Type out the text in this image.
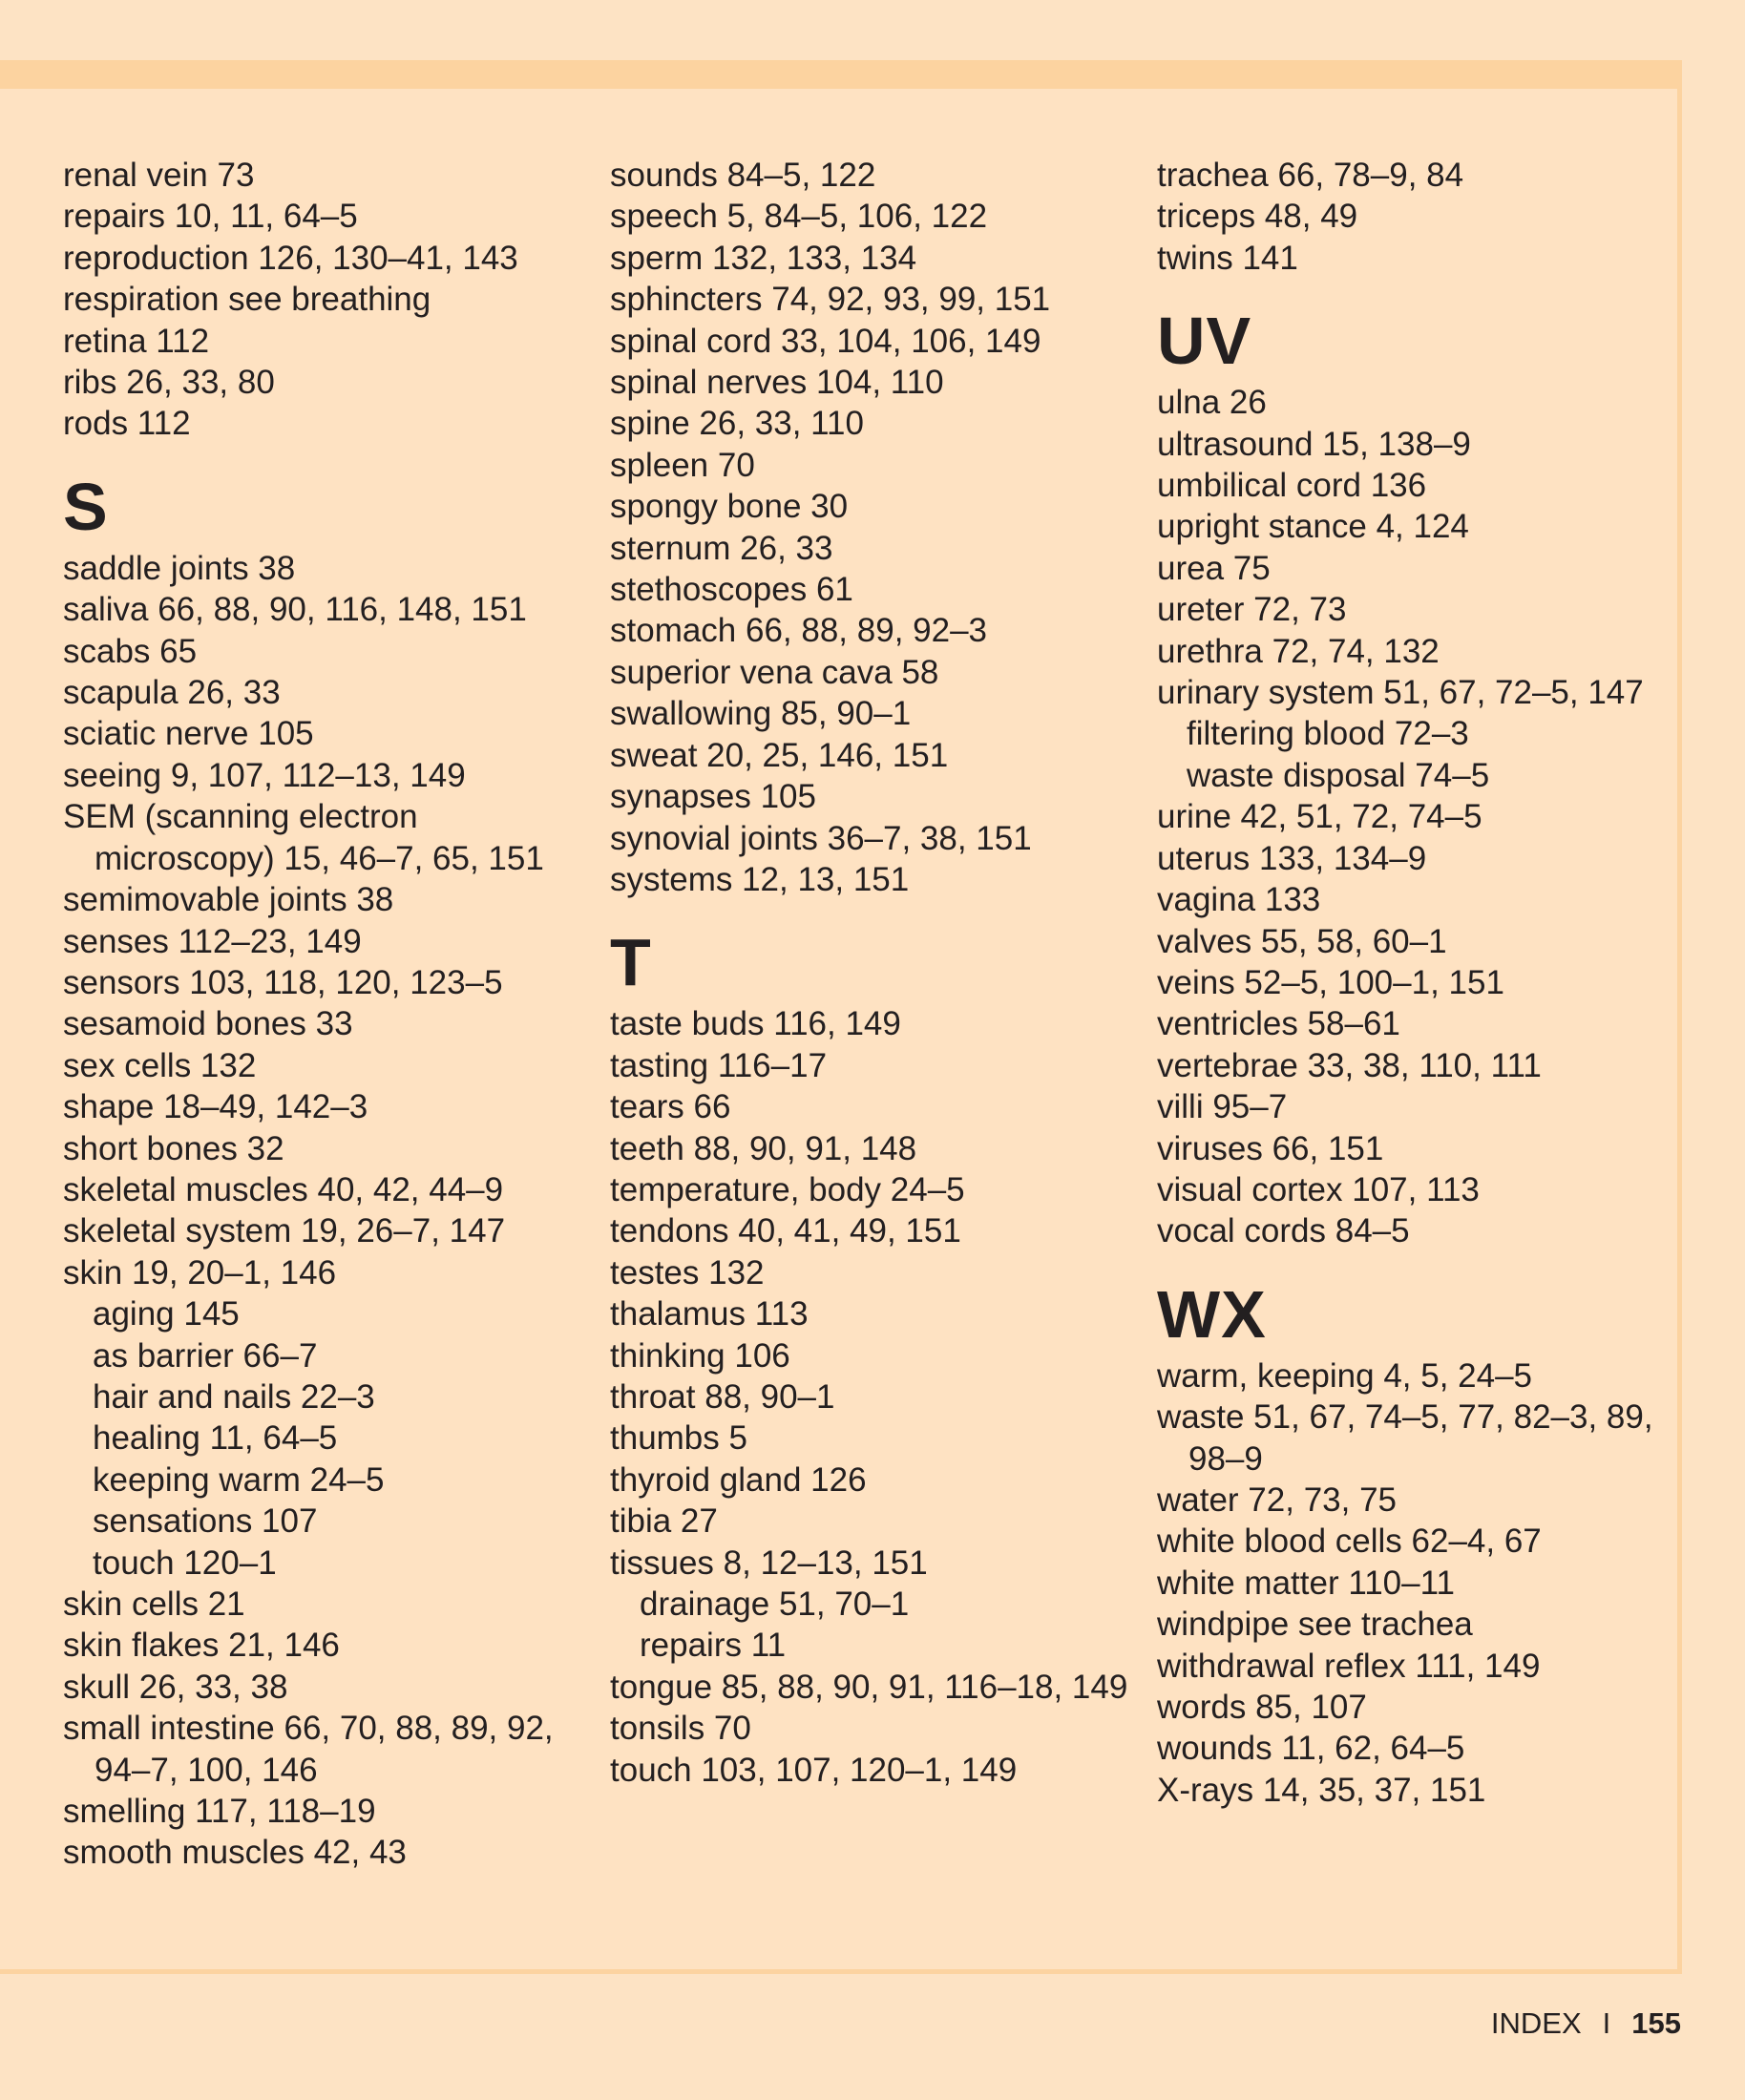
renal vein 73
repairs 10, 11, 64–5
reproduction 126, 130–41, 143
respiration see breathing
retina 112
ribs 26, 33, 80
rods 112
S
saddle joints 38
saliva 66, 88, 90, 116, 148, 151
scabs 65
scapula 26, 33
sciatic nerve 105
seeing 9, 107, 112–13, 149
SEM (scanning electron microscopy) 15, 46–7, 65, 151
semimovable joints 38
senses 112–23, 149
sensors 103, 118, 120, 123–5
sesamoid bones 33
sex cells 132
shape 18–49, 142–3
short bones 32
skeletal muscles 40, 42, 44–9
skeletal system 19, 26–7, 147
skin 19, 20–1, 146
aging 145
as barrier 66–7
hair and nails 22–3
healing 11, 64–5
keeping warm 24–5
sensations 107
touch 120–1
skin cells 21
skin flakes 21, 146
skull 26, 33, 38
small intestine 66, 70, 88, 89, 92, 94–7, 100, 146
smelling 117, 118–19
smooth muscles 42, 43
sounds 84–5, 122
speech 5, 84–5, 106, 122
sperm 132, 133, 134
sphincters 74, 92, 93, 99, 151
spinal cord 33, 104, 106, 149
spinal nerves 104, 110
spine 26, 33, 110
spleen 70
spongy bone 30
sternum 26, 33
stethoscopes 61
stomach 66, 88, 89, 92–3
superior vena cava 58
swallowing 85, 90–1
sweat 20, 25, 146, 151
synapses 105
synovial joints 36–7, 38, 151
systems 12, 13, 151
T
taste buds 116, 149
tasting 116–17
tears 66
teeth 88, 90, 91, 148
temperature, body 24–5
tendons 40, 41, 49, 151
testes 132
thalamus 113
thinking 106
throat 88, 90–1
thumbs 5
thyroid gland 126
tibia 27
tissues 8, 12–13, 151
drainage 51, 70–1
repairs 11
tongue 85, 88, 90, 91, 116–18, 149
tonsils 70
touch 103, 107, 120–1, 149
trachea 66, 78–9, 84
triceps 48, 49
twins 141
UV
ulna 26
ultrasound 15, 138–9
umbilical cord 136
upright stance 4, 124
urea 75
ureter 72, 73
urethra 72, 74, 132
urinary system 51, 67, 72–5, 147
filtering blood 72–3
waste disposal 74–5
urine 42, 51, 72, 74–5
uterus 133, 134–9
vagina 133
valves 55, 58, 60–1
veins 52–5, 100–1, 151
ventricles 58–61
vertebrae 33, 38, 110, 111
villi 95–7
viruses 66, 151
visual cortex 107, 113
vocal cords 84–5
WX
warm, keeping 4, 5, 24–5
waste 51, 67, 74–5, 77, 82–3, 89, 98–9
water 72, 73, 75
white blood cells 62–4, 67
white matter 110–11
windpipe see trachea
withdrawal reflex 111, 149
words 85, 107
wounds 11, 62, 64–5
X-rays 14, 35, 37, 151
INDEX I 155
